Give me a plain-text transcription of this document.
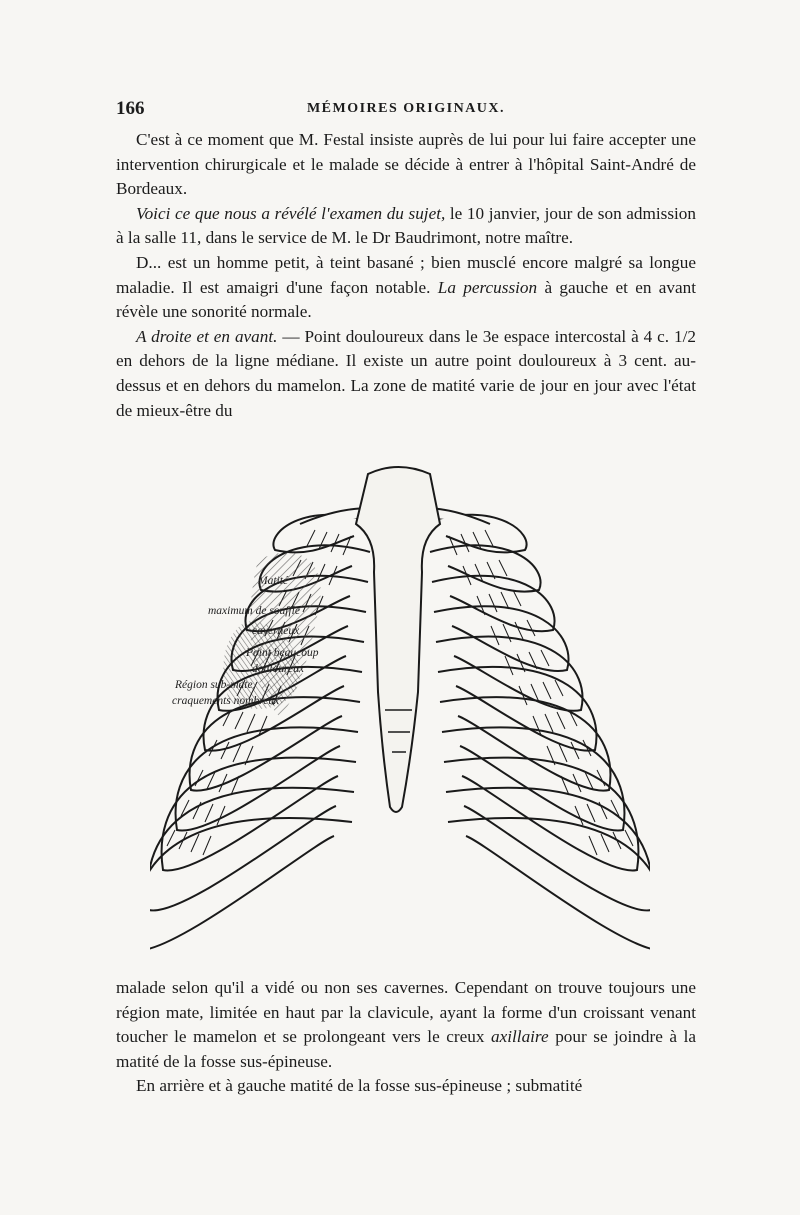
166	MÉMOIRES ORIGINAUX.

C'est à ce moment que M. Festal insiste auprès de lui pour lui faire accepter une intervention chirurgicale et le malade se décide à entrer à l'hôpital Saint-André de Bordeaux.

Voici ce que nous a révélé l'examen du sujet, le 10 janvier, jour de son admission à la salle 11, dans le service de M. le Dr Baudrimont, notre maître.

D... est un homme petit, à teint basané ; bien musclé encore malgré sa longue maladie. Il est amaigri d'une façon notable. La percussion à gauche et en avant révèle une sonorité normale.

A droite et en avant. — Point douloureux dans le 3e espace intercostal à 4 c. 1/2 en dehors de la ligne médiane. Il existe un autre point douloureux à 3 cent. au-dessus et en dehors du mamelon. La zone de matité varie de jour en jour avec l'état de mieux-être du

Matité
maximum de souffle
caverneux
Point beaucoup
douloureux
Région sub-mate,
craquements nombreux

malade selon qu'il a vidé ou non ses cavernes. Cependant on trouve toujours une région mate, limitée en haut par la clavicule, ayant la forme d'un croissant venant toucher le mamelon et se prolongeant vers le creux axillaire pour se joindre à la matité de la fosse sus-épineuse.

En arrière et à gauche matité de la fosse sus-épineuse ; submatité
